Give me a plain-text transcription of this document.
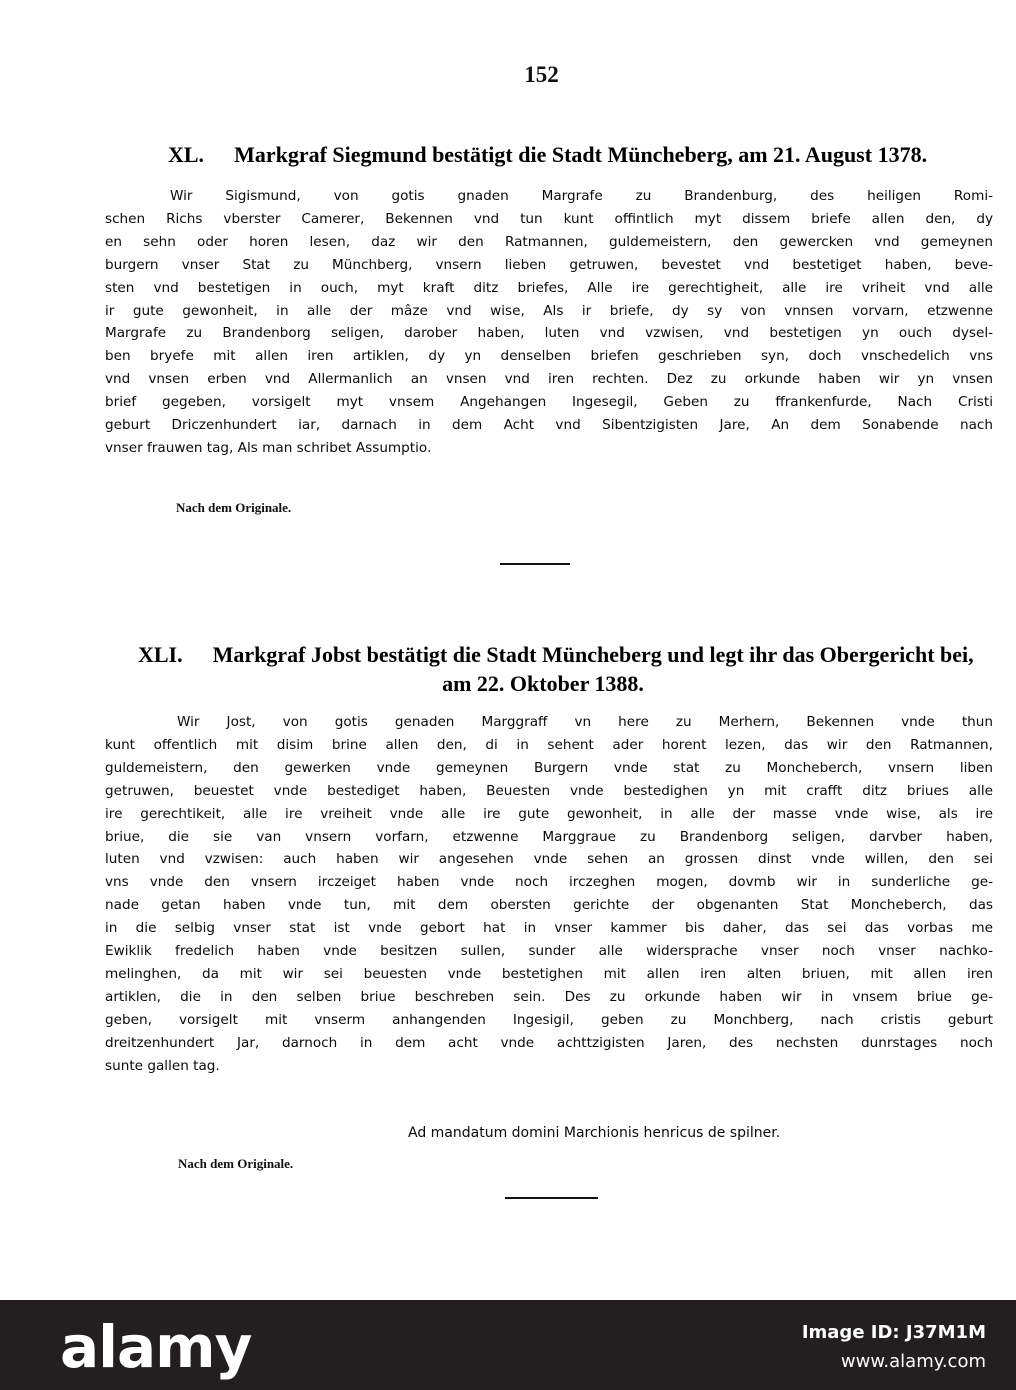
152
XL. Markgraf Siegmund bestätigt die Stadt Müncheberg, am 21. August 1378.
Wir Sigismund, von gotis gnaden Margrafe zu Brandenburg, des heiligen Romi-
schen Richs vberster Camerer, Bekennen vnd tun kunt offintlich myt dissem briefe allen den, dy
en sehn oder horen lesen, daz wir den Ratmannen, guldemeistern, den gewercken vnd gemeynen
burgern vnser Stat zu Münchberg, vnsern lieben getruwen, bevestet vnd bestetiget haben, beve-
sten vnd bestetigen in ouch, myt kraft ditz briefes, Alle ire gerechtigheit, alle ire vriheit vnd alle
ir gute gewonheit, in alle der mâze vnd wise, Als ir briefe, dy sy von vnnsen vorvarn, etzwenne
Margrafe zu Brandenborg seligen, darober haben, luten vnd vzwisen, vnd bestetigen yn ouch dysel-
ben bryefe mit allen iren artiklen, dy yn denselben briefen geschrieben syn, doch vnschedelich vns
vnd vnsen erben vnd Allermanlich an vnsen vnd iren rechten. Dez zu orkunde haben wir yn vnsen
brief gegeben, vorsigelt myt vnsem Angehangen Ingesegil, Geben zu ffrankenfurde, Nach Cristi
geburt Driczenhundert iar, darnach in dem Acht vnd Sibentzigisten Jare, An dem Sonabende nach
vnser frauwen tag, Als man schribet Assumptio.
Nach dem Originale.
XLI. Markgraf Jobst bestätigt die Stadt Müncheberg und legt ihr das Obergericht bei,
am 22. Oktober 1388.
Wir Jost, von gotis genaden Marggraff vn here zu Merhern, Bekennen vnde thun
kunt offentlich mit disim brine allen den, di in sehent ader horent lezen, das wir den Ratmannen,
guldemeistern, den gewerken vnde gemeynen Burgern vnde stat zu Moncheberch, vnsern liben
getruwen, beuestet vnde bestediget haben, Beuesten vnde bestedighen yn mit crafft ditz briues alle
ire gerechtikeit, alle ire vreiheit vnde alle ire gute gewonheit, in alle der masse vnde wise, als ire
briue, die sie van vnsern vorfarn, etzwenne Marggraue zu Brandenborg seligen, darvber haben,
luten vnd vzwisen: auch haben wir angesehen vnde sehen an grossen dinst vnde willen, den sei
vns vnde den vnsern irczeiget haben vnde noch irczeghen mogen, dovmb wir in sunderliche ge-
nade getan haben vnde tun, mit dem obersten gerichte der obgenanten Stat Moncheberch, das
in die selbig vnser stat ist vnde gebort hat in vnser kammer bis daher, das sei das vorbas me
Ewiklik fredelich haben vnde besitzen sullen, sunder alle widersprache vnser noch vnser nachko-
melinghen, da mit wir sei beuesten vnde bestetighen mit allen iren alten briuen, mit allen iren
artiklen, die in den selben briue beschreben sein. Des zu orkunde haben wir in vnsem briue ge-
geben, vorsigelt mit vnserm anhangenden Ingesigil, geben zu Monchberg, nach cristis geburt
dreitzenhundert Jar, darnoch in dem acht vnde achttzigisten Jaren, des nechsten dunrstages noch
sunte gallen tag.
Ad mandatum domini Marchionis henricus de spilner.
Nach dem Originale.
alamy	Image ID: J37M1M
www.alamy.com
